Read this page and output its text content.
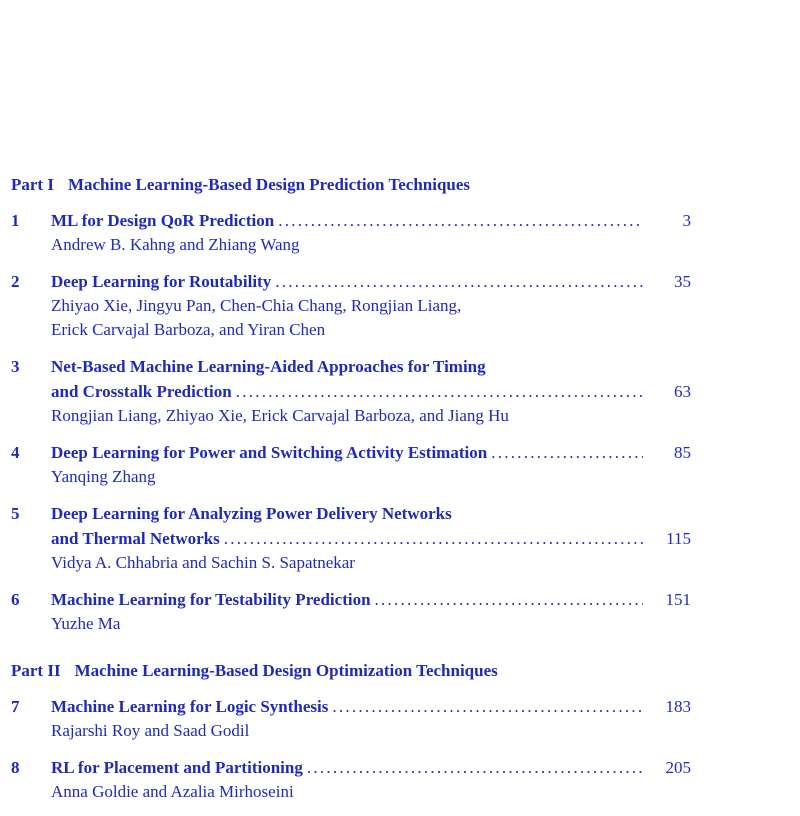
Part I Machine Learning-Based Design Prediction Techniques
1	ML for Design QoR Prediction . . .	3
Andrew B. Kahng and Zhiang Wang
2	Deep Learning for Routability . . .	35
Zhiyao Xie, Jingyu Pan, Chen-Chia Chang, Rongjian Liang,
Erick Carvajal Barboza, and Yiran Chen
3	Net-Based Machine Learning-Aided Approaches for Timing
and Crosstalk Prediction . . .	63
Rongjian Liang, Zhiyao Xie, Erick Carvajal Barboza, and Jiang Hu
4	Deep Learning for Power and Switching Activity Estimation . . .	85
Yanqing Zhang
5	Deep Learning for Analyzing Power Delivery Networks
and Thermal Networks . . .	115
Vidya A. Chhabria and Sachin S. Sapatnekar
6	Machine Learning for Testability Prediction . . .	151
Yuzhe Ma
Part II Machine Learning-Based Design Optimization Techniques
7	Machine Learning for Logic Synthesis . . .	183
Rajarshi Roy and Saad Godil
8	RL for Placement and Partitioning . . .	205
Anna Goldie and Azalia Mirhoseini
